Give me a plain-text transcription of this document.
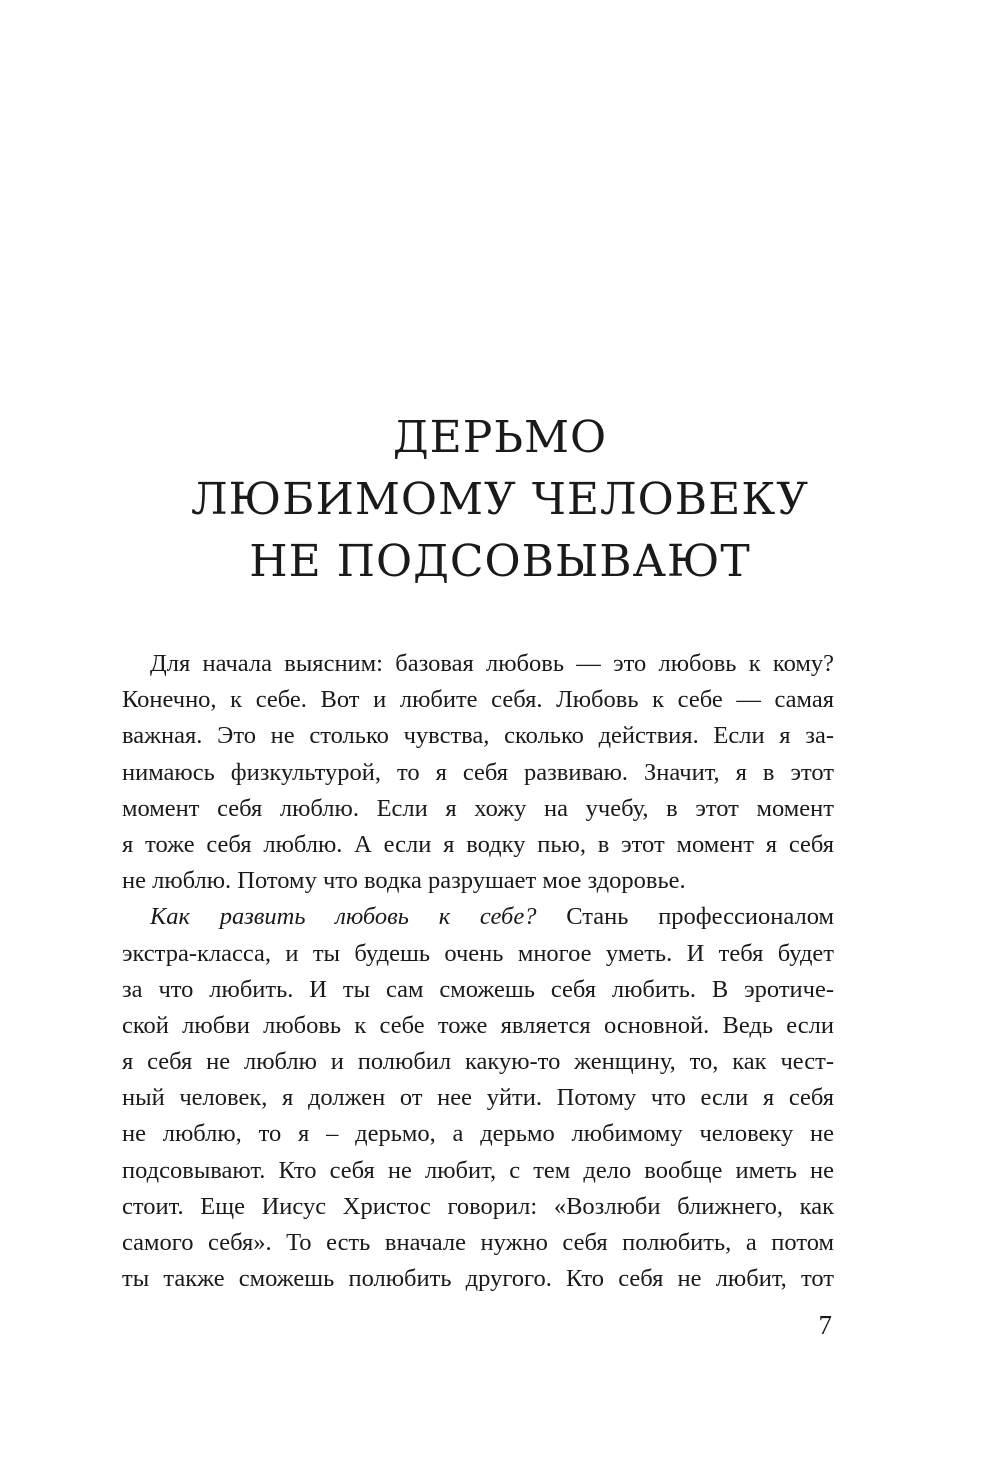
ДЕРЬМО
ЛЮБИМОМУ ЧЕЛОВЕКУ
НЕ ПОДСОВЫВАЮТ
Для начала выясним: базовая любовь — это любовь к кому?
Конечно, к себе. Вот и любите себя. Любовь к себе — самая
важная. Это не столько чувства, сколько действия. Если я за-
нимаюсь физкультурой, то я себя развиваю. Значит, я в этот
момент себя люблю. Если я хожу на учебу, в этот момент
я тоже себя люблю. А если я водку пью, в этот момент я себя
не люблю. Потому что водка разрушает мое здоровье.
Как развить любовь к себе? Стань профессионалом
экстра-класса, и ты будешь очень многое уметь. И тебя будет
за что любить. И ты сам сможешь себя любить. В эротиче-
ской любви любовь к себе тоже является основной. Ведь если
я себя не люблю и полюбил какую-то женщину, то, как чест-
ный человек, я должен от нее уйти. Потому что если я себя
не люблю, то я – дерьмо, а дерьмо любимому человеку не
подсовывают. Кто себя не любит, с тем дело вообще иметь не
стоит. Еще Иисус Христос говорил: «Возлюби ближнего, как
самого себя». То есть вначале нужно себя полюбить, а потом
ты также сможешь полюбить другого. Кто себя не любит, тот
7
